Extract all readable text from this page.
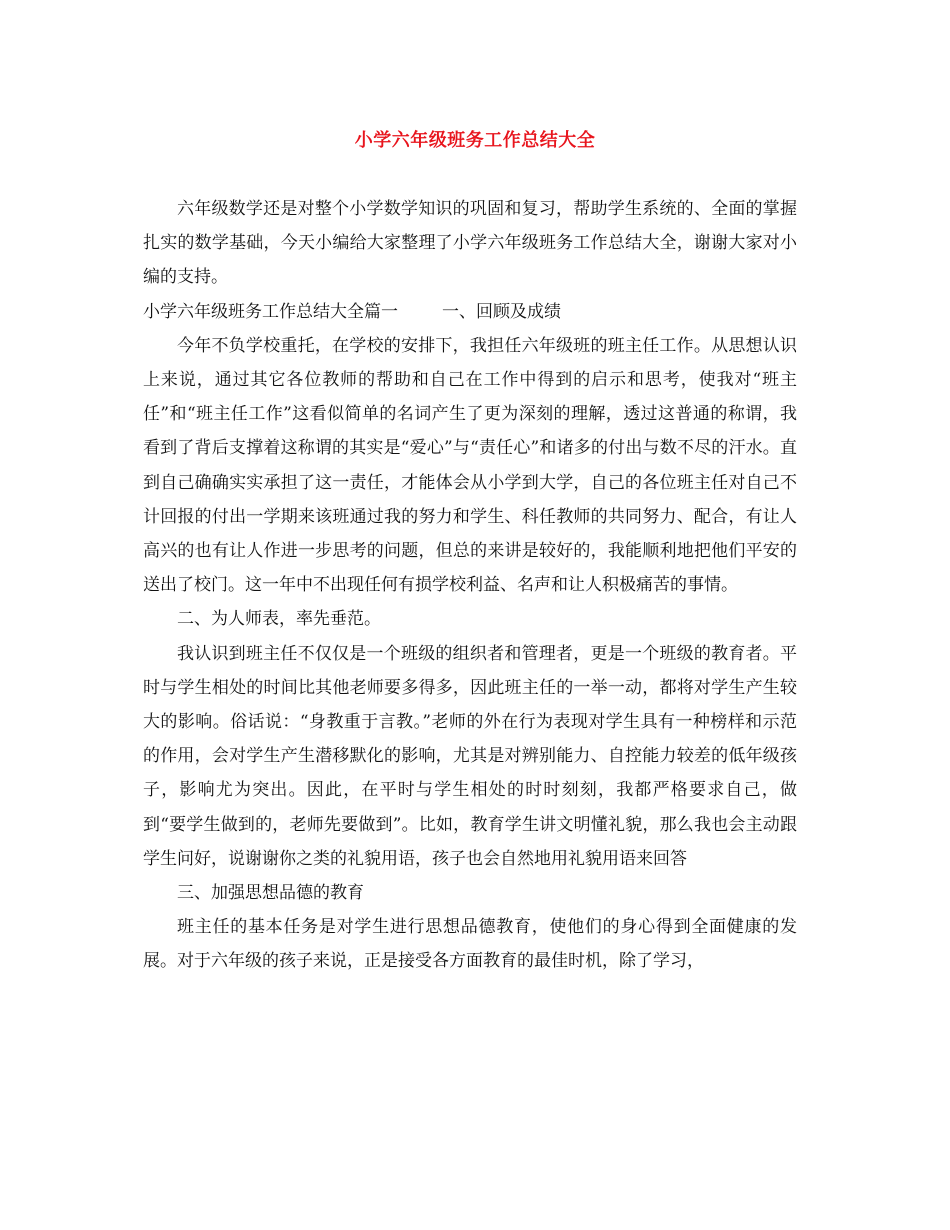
小学六年级班务工作总结大全

六年级数学还是对整个小学数学知识的巩固和复习，帮助学生系统的、全面的掌握扎实的数学基础，今天小编给大家整理了小学六年级班务工作总结大全，谢谢大家对小编的支持。

小学六年级班务工作总结大全篇一	一、回顾及成绩

今年不负学校重托，在学校的安排下，我担任六年级班的班主任工作。从思想认识上来说，通过其它各位教师的帮助和自己在工作中得到的启示和思考，使我对“班主任”和“班主任工作”这看似简单的名词产生了更为深刻的理解，透过这普通的称谓，我看到了背后支撑着这称谓的其实是“爱心”与“责任心”和诸多的付出与数不尽的汗水。直到自己确确实实承担了这一责任，才能体会从小学到大学，自己的各位班主任对自己不计回报的付出一学期来该班通过我的努力和学生、科任教师的共同努力、配合，有让人高兴的也有让人作进一步思考的问题，但总的来讲是较好的，我能顺利地把他们平安的送出了校门。这一年中不出现任何有损学校利益、名声和让人积极痛苦的事情。

二、为人师表，率先垂范。

我认识到班主任不仅仅是一个班级的组织者和管理者，更是一个班级的教育者。平时与学生相处的时间比其他老师要多得多，因此班主任的一举一动，都将对学生产生较大的影响。俗话说：“身教重于言教。”老师的外在行为表现对学生具有一种榜样和示范的作用，会对学生产生潜移默化的影响，尤其是对辨别能力、自控能力较差的低年级孩子，影响尤为突出。因此，在平时与学生相处的时时刻刻，我都严格要求自己，做到“要学生做到的，老师先要做到”。比如，教育学生讲文明懂礼貌，那么我也会主动跟学生问好，说谢谢你之类的礼貌用语，孩子也会自然地用礼貌用语来回答

三、加强思想品德的教育

班主任的基本任务是对学生进行思想品德教育，使他们的身心得到全面健康的发展。对于六年级的孩子来说，正是接受各方面教育的最佳时机，除了学习，
